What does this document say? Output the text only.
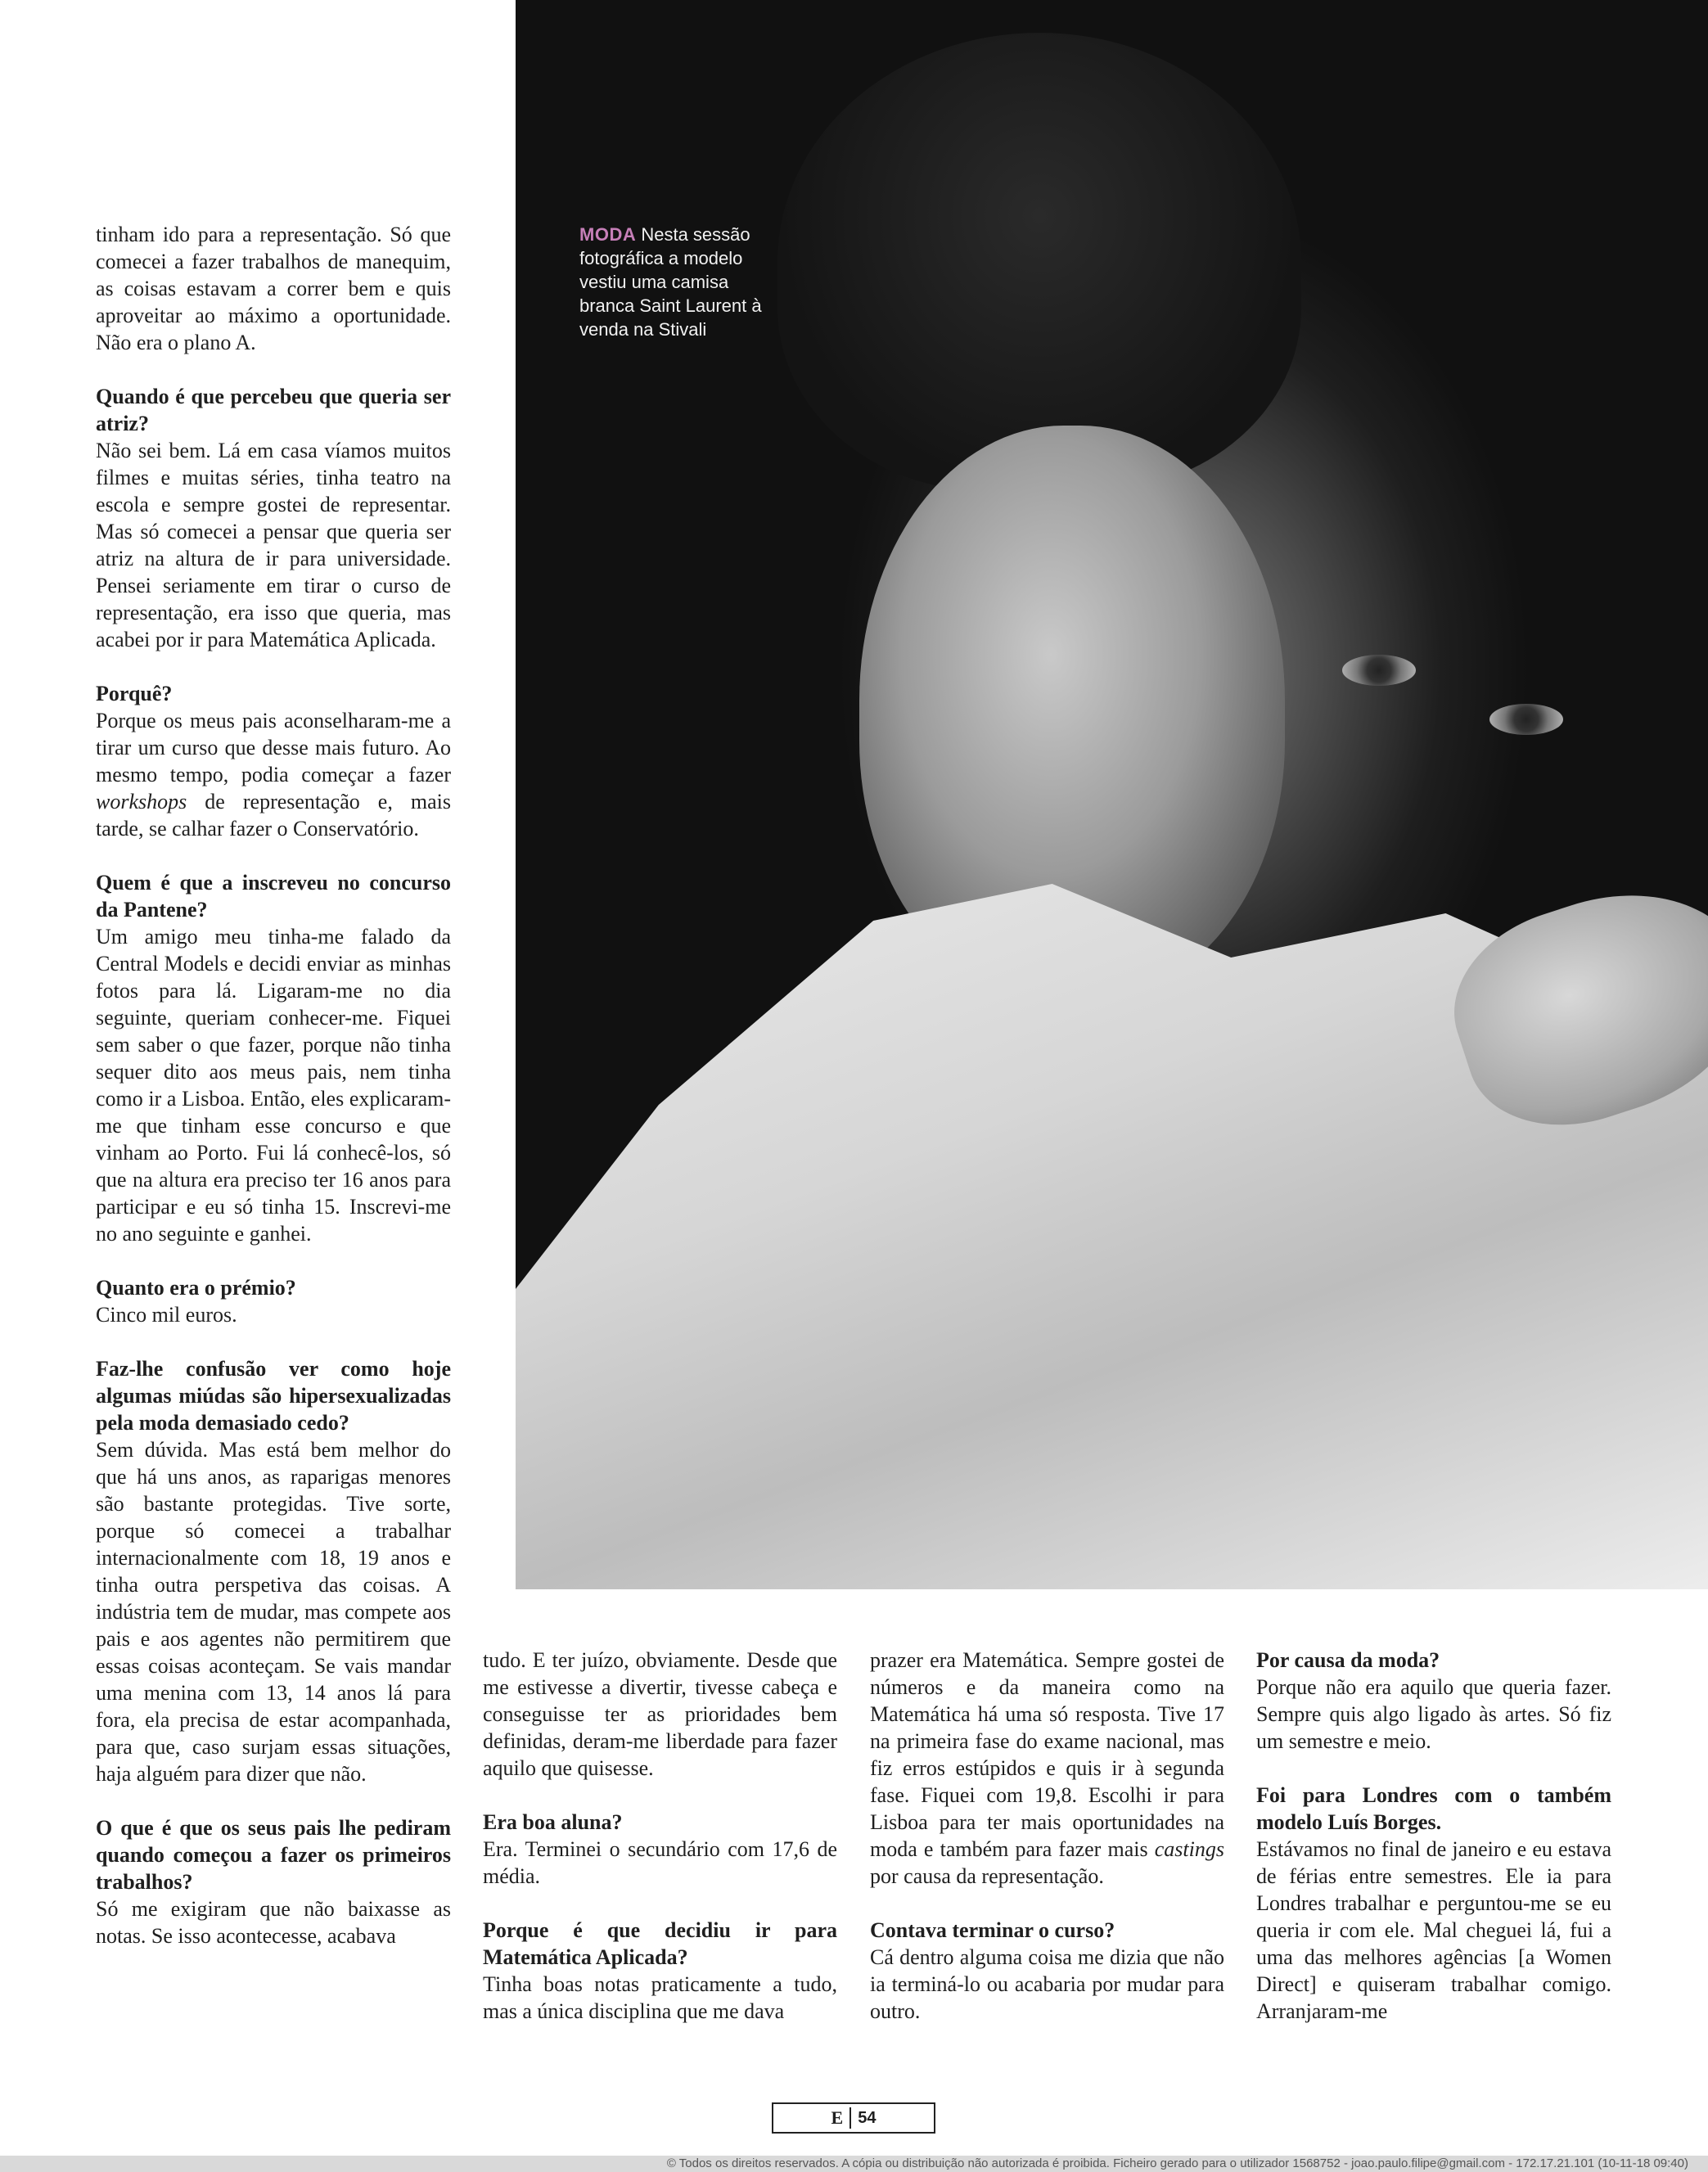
MODA Nesta sessão fotográfica a modelo vestiu uma camisa branca Saint Laurent à venda na Stivali

tinham ido para a representação. Só que comecei a fazer trabalhos de manequim, as coisas estavam a correr bem e quis aproveitar ao máximo a oportunidade. Não era o plano A.

Quando é que percebeu que queria ser atriz?
Não sei bem. Lá em casa víamos muitos filmes e muitas séries, tinha teatro na escola e sempre gostei de representar. Mas só comecei a pensar que queria ser atriz na altura de ir para universidade. Pensei seriamente em tirar o curso de representação, era isso que queria, mas acabei por ir para Matemática Aplicada.

Porquê?
Porque os meus pais aconselharam-me a tirar um curso que desse mais futuro. Ao mesmo tempo, podia começar a fazer workshops de representação e, mais tarde, se calhar fazer o Conservatório.

Quem é que a inscreveu no concurso da Pantene?
Um amigo meu tinha-me falado da Central Models e decidi enviar as minhas fotos para lá. Ligaram-me no dia seguinte, queriam conhecer-me. Fiquei sem saber o que fazer, porque não tinha sequer dito aos meus pais, nem tinha como ir a Lisboa. Então, eles explicaram-me que tinham esse concurso e que vinham ao Porto. Fui lá conhecê-los, só que na altura era preciso ter 16 anos para participar e eu só tinha 15. Inscrevi-me no ano seguinte e ganhei.

Quanto era o prémio?
Cinco mil euros.

Faz-lhe confusão ver como hoje algumas miúdas são hipersexualizadas pela moda demasiado cedo?
Sem dúvida. Mas está bem melhor do que há uns anos, as raparigas menores são bastante protegidas. Tive sorte, porque só comecei a trabalhar internacionalmente com 18, 19 anos e tinha outra perspetiva das coisas. A indústria tem de mudar, mas compete aos pais e aos agentes não permitirem que essas coisas aconteçam. Se vais mandar uma menina com 13, 14 anos lá para fora, ela precisa de estar acompanhada, para que, caso surjam essas situações, haja alguém para dizer que não.

O que é que os seus pais lhe pediram quando começou a fazer os primeiros trabalhos?
Só me exigiram que não baixasse as notas. Se isso acontecesse, acabava

tudo. E ter juízo, obviamente. Desde que me estivesse a divertir, tivesse cabeça e conseguisse ter as prioridades bem definidas, deram-me liberdade para fazer aquilo que quisesse.

Era boa aluna?
Era. Terminei o secundário com 17,6 de média.

Porque é que decidiu ir para Matemática Aplicada?
Tinha boas notas praticamente a tudo, mas a única disciplina que me dava

prazer era Matemática. Sempre gostei de números e da maneira como na Matemática há uma só resposta. Tive 17 na primeira fase do exame nacional, mas fiz erros estúpidos e quis ir à segunda fase. Fiquei com 19,8. Escolhi ir para Lisboa para ter mais oportunidades na moda e também para fazer mais castings por causa da representação.

Contava terminar o curso?
Cá dentro alguma coisa me dizia que não ia terminá-lo ou acabaria por mudar para outro.

Por causa da moda?
Porque não era aquilo que queria fazer. Sempre quis algo ligado às artes. Só fiz um semestre e meio.

Foi para Londres com o também modelo Luís Borges.
Estávamos no final de janeiro e eu estava de férias entre semestres. Ele ia para Londres trabalhar e perguntou-me se eu queria ir com ele. Mal cheguei lá, fui a uma das melhores agências [a Women Direct] e quiseram trabalhar comigo. Arranjaram-me

E 54
© Todos os direitos reservados. A cópia ou distribuição não autorizada é proibida. Ficheiro gerado para o utilizador 1568752 - joao.paulo.filipe@gmail.com - 172.17.21.101 (10-11-18 09:40)
